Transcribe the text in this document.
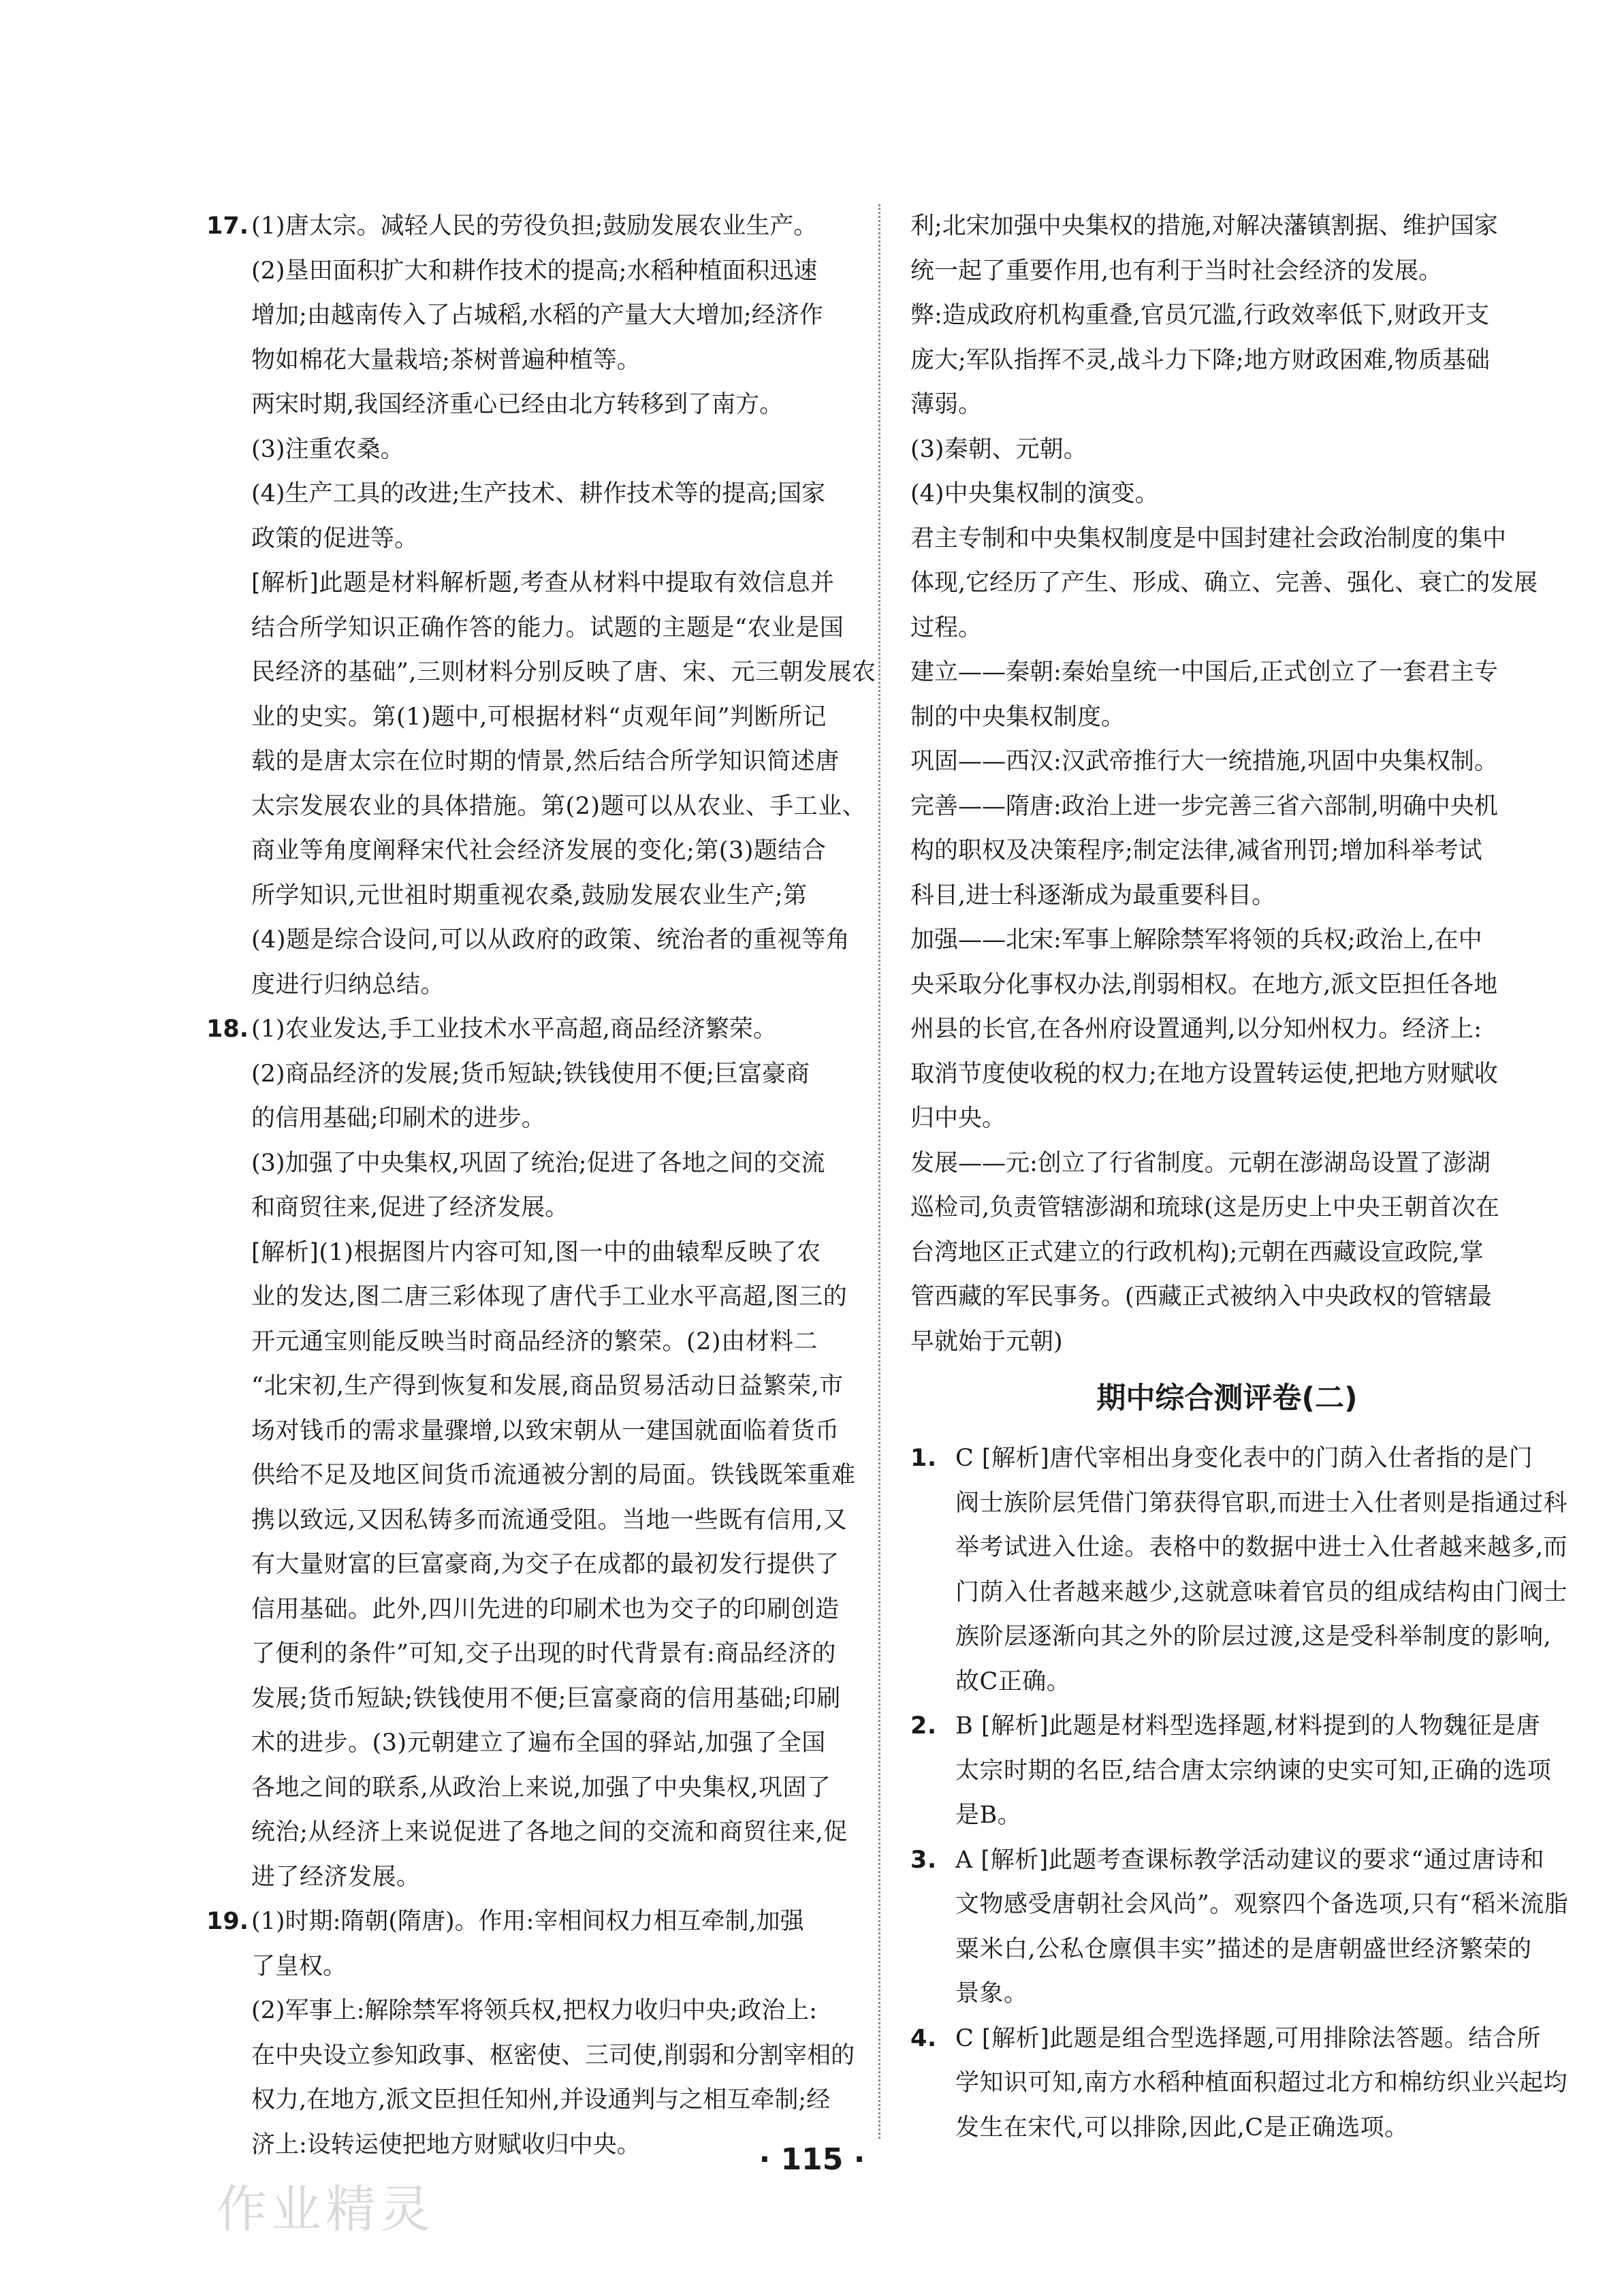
17. (1)唐太宗。减轻人民的劳役负担;鼓励发展农业生产。
(2)垦田面积扩大和耕作技术的提高;水稻种植面积迅速
增加;由越南传入了占城稻,水稻的产量大大增加;经济作
物如棉花大量栽培;茶树普遍种植等。
两宋时期,我国经济重心已经由北方转移到了南方。
(3)注重农桑。
(4)生产工具的改进;生产技术、耕作技术等的提高;国家
政策的促进等。
[解析]此题是材料解析题,考查从材料中提取有效信息并
结合所学知识正确作答的能力。试题的主题是“农业是国
民经济的基础”,三则材料分别反映了唐、宋、元三朝发展农
业的史实。第(1)题中,可根据材料“贞观年间”判断所记
载的是唐太宗在位时期的情景,然后结合所学知识简述唐
太宗发展农业的具体措施。第(2)题可以从农业、手工业、
商业等角度阐释宋代社会经济发展的变化;第(3)题结合
所学知识,元世祖时期重视农桑,鼓励发展农业生产;第
(4)题是综合设问,可以从政府的政策、统治者的重视等角
度进行归纳总结。
18. (1)农业发达,手工业技术水平高超,商品经济繁荣。
(2)商品经济的发展;货币短缺;铁钱使用不便;巨富豪商
的信用基础;印刷术的进步。
(3)加强了中央集权,巩固了统治;促进了各地之间的交流
和商贸往来,促进了经济发展。
[解析](1)根据图片内容可知,图一中的曲辕犁反映了农
业的发达,图二唐三彩体现了唐代手工业水平高超,图三的
开元通宝则能反映当时商品经济的繁荣。(2)由材料二
“北宋初,生产得到恢复和发展,商品贸易活动日益繁荣,市
场对钱币的需求量骤增,以致宋朝从一建国就面临着货币
供给不足及地区间货币流通被分割的局面。铁钱既笨重难
携以致远,又因私铸多而流通受阻。当地一些既有信用,又
有大量财富的巨富豪商,为交子在成都的最初发行提供了
信用基础。此外,四川先进的印刷术也为交子的印刷创造
了便利的条件”可知,交子出现的时代背景有:商品经济的
发展;货币短缺;铁钱使用不便;巨富豪商的信用基础;印刷
术的进步。(3)元朝建立了遍布全国的驿站,加强了全国
各地之间的联系,从政治上来说,加强了中央集权,巩固了
统治;从经济上来说促进了各地之间的交流和商贸往来,促
进了经济发展。
19. (1)时期:隋朝(隋唐)。作用:宰相间权力相互牵制,加强
了皇权。
(2)军事上:解除禁军将领兵权,把权力收归中央;政治上:
在中央设立参知政事、枢密使、三司使,削弱和分割宰相的
权力,在地方,派文臣担任知州,并设通判与之相互牵制;经
济上:设转运使把地方财赋收归中央。
利;北宋加强中央集权的措施,对解决藩镇割据、维护国家
统一起了重要作用,也有利于当时社会经济的发展。
弊:造成政府机构重叠,官员冗滥,行政效率低下,财政开支
庞大;军队指挥不灵,战斗力下降;地方财政困难,物质基础
薄弱。
(3)秦朝、元朝。
(4)中央集权制的演变。
君主专制和中央集权制度是中国封建社会政治制度的集中
体现,它经历了产生、形成、确立、完善、强化、衰亡的发展
过程。
建立——秦朝:秦始皇统一中国后,正式创立了一套君主专
制的中央集权制度。
巩固——西汉:汉武帝推行大一统措施,巩固中央集权制。
完善——隋唐:政治上进一步完善三省六部制,明确中央机
构的职权及决策程序;制定法律,减省刑罚;增加科举考试
科目,进士科逐渐成为最重要科目。
加强——北宋:军事上解除禁军将领的兵权;政治上,在中
央采取分化事权办法,削弱相权。在地方,派文臣担任各地
州县的长官,在各州府设置通判,以分知州权力。经济上:
取消节度使收税的权力;在地方设置转运使,把地方财赋收
归中央。
发展——元:创立了行省制度。元朝在澎湖岛设置了澎湖
巡检司,负责管辖澎湖和琉球(这是历史上中央王朝首次在
台湾地区正式建立的行政机构);元朝在西藏设宣政院,掌
管西藏的军民事务。(西藏正式被纳入中央政权的管辖最
早就始于元朝)
期中综合测评卷(二)
1. C [解析]唐代宰相出身变化表中的门荫入仕者指的是门
阀士族阶层凭借门第获得官职,而进士入仕者则是指通过科
举考试进入仕途。表格中的数据中进士入仕者越来越多,而
门荫入仕者越来越少,这就意味着官员的组成结构由门阀士
族阶层逐渐向其之外的阶层过渡,这是受科举制度的影响,
故C正确。
2. B [解析]此题是材料型选择题,材料提到的人物魏征是唐
太宗时期的名臣,结合唐太宗纳谏的史实可知,正确的选项
是B。
3. A [解析]此题考查课标教学活动建议的要求“通过唐诗和
文物感受唐朝社会风尚”。观察四个备选项,只有“稻米流脂
粟米白,公私仓廪俱丰实”描述的是唐朝盛世经济繁荣的
景象。
4. C [解析]此题是组合型选择题,可用排除法答题。结合所
学知识可知,南方水稻种植面积超过北方和棉纺织业兴起均
发生在宋代,可以排除,因此,C是正确选项。
· 115 ·
作业精灵
